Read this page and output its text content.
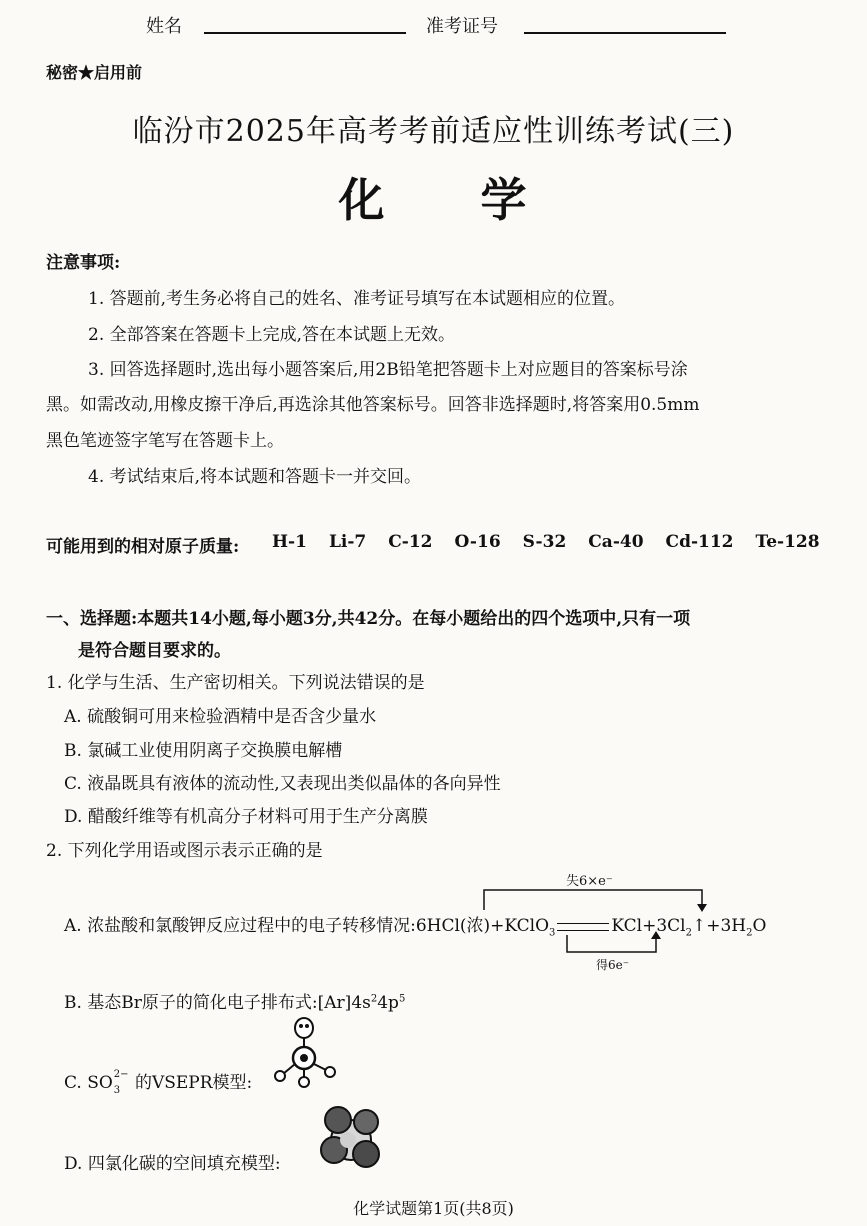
姓名	准考证号
秘密★启用前
临汾市2025年高考考前适应性训练考试(三)
化 学
注意事项:
1. 答题前,考生务必将自己的姓名、准考证号填写在本试题相应的位置。
2. 全部答案在答题卡上完成,答在本试题上无效。
3. 回答选择题时,选出每小题答案后,用2B铅笔把答题卡上对应题目的答案标号涂
黑。如需改动,用橡皮擦干净后,再选涂其他答案标号。回答非选择题时,将答案用0.5mm
黑色笔迹签字笔写在答题卡上。
4. 考试结束后,将本试题和答题卡一并交回。
可能用到的相对原子质量: H-1 Li-7 C-12 O-16 S-32 Ca-40 Cd-112 Te-128
一、选择题:本题共14小题,每小题3分,共42分。在每小题给出的四个选项中,只有一项
是符合题目要求的。
1. 化学与生活、生产密切相关。下列说法错误的是
A. 硫酸铜可用来检验酒精中是否含少量水
B. 氯碱工业使用阴离子交换膜电解槽
C. 液晶既具有液体的流动性,又表现出类似晶体的各向异性
D. 醋酸纤维等有机高分子材料可用于生产分离膜
2. 下列化学用语或图示表示正确的是
失6×e⁻
得6e⁻
A. 浓盐酸和氯酸钾反应过程中的电子转移情况:6HCl(浓)+KClO$_3$	$KCl+3Cl_2↑+3H_2O$
B. 基态Br原子的简化电子排布式$:[Ar]4s^24p^5$
C. SO 2−
3 的VSEPR模型:
D. 四氯化碳的空间填充模型:
化学试题第1页(共8页)
